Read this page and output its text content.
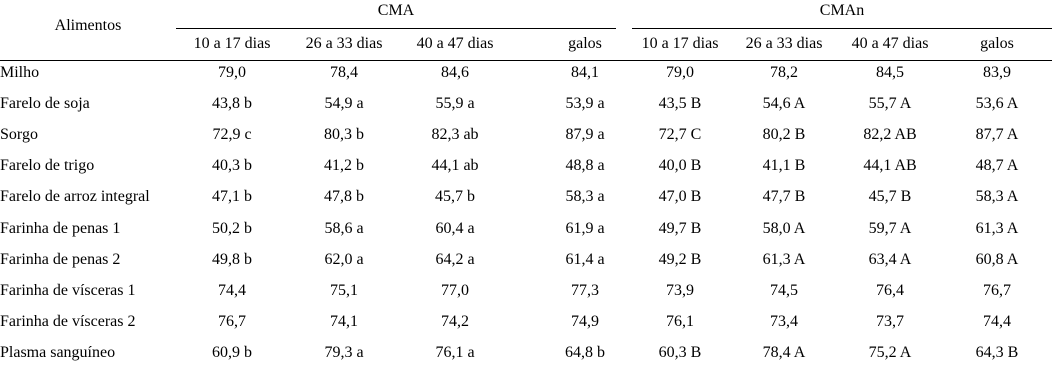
Alimentos
CMA	CMAn
10 a 17 dias	26 a 33 dias	40 a 47 dias	galos	10 a 17 dias	26 a 33 dias	40 a 47 dias	galos
Milho	79,0	78,4	84,6	84,1	79,0	78,2	84,5	83,9
Farelo de soja	43,8 b	54,9 a	55,9 a	53,9 a	43,5 B	54,6 A	55,7 A	53,6 A
Sorgo	72,9 c	80,3 b	82,3 ab	87,9 a	72,7 C	80,2 B	82,2 AB	87,7 A
Farelo de trigo	40,3 b	41,2 b	44,1 ab	48,8 a	40,0 B	41,1 B	44,1 AB	48,7 A
Farelo de arroz integral	47,1 b	47,8 b	45,7 b	58,3 a	47,0 B	47,7 B	45,7 B	58,3 A
Farinha de penas 1	50,2 b	58,6 a	60,4 a	61,9 a	49,7 B	58,0 A	59,7 A	61,3 A
Farinha de penas 2	49,8 b	62,0 a	64,2 a	61,4 a	49,2 B	61,3 A	63,4 A	60,8 A
Farinha de vísceras 1	74,4	75,1	77,0	77,3	73,9	74,5	76,4	76,7
Farinha de vísceras 2	76,7	74,1	74,2	74,9	76,1	73,4	73,7	74,4
Plasma sanguíneo	60,9 b	79,3 a	76,1 a	64,8 b	60,3 B	78,4 A	75,2 A	64,3 B
